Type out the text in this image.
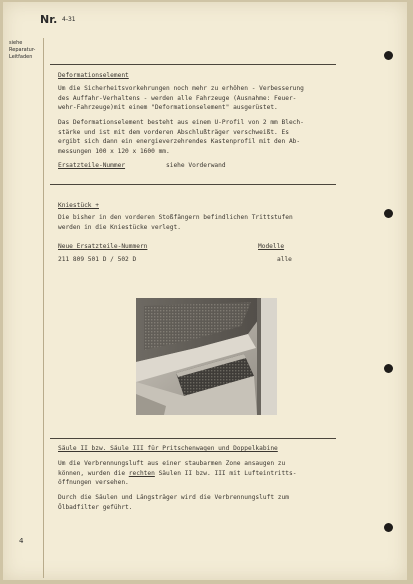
Nr. 4-31
siehe
Reparatur-
Leitfaden
Deformationselement
Um die Sicherheitsvorkehrungen noch mehr zu erhöhen - Verbesserung
des Auffahr-Verhaltens - werden alle Fahrzeuge (Ausnahme: Feuer-
wehr-Fahrzeuge)mit einem "Deformationselement" ausgerüstet.
Das Deformationselement besteht aus einem U-Profil von 2 mm Blech-
stärke und ist mit dem vorderen Abschlußträger verschweißt. Es
ergibt sich dann ein energieverzehrendes Kastenprofil mit den Ab-
messungen 100 x 120 x 1600 mm.
Ersatzteile-Nummer	siehe Vorderwand
Kniestück +
Die bisher in den vorderen Stoßfängern befindlichen Trittstufen
werden in die Kniestücke verlegt.
Neue Ersatzteile-Nummern	Modelle
211 809 501 D / 502 D	alle
Säule II bzw. Säule III für Pritschenwagen und Doppelkabine
Um die Verbrennungsluft aus einer staubarmen Zone ansaugen zu
können, wurden die rechten Säulen II bzw. III mit Lufteintritts-
öffnungen versehen.
Durch die Säulen und Längsträger wird die Verbrennungsluft zum
Ölbadfilter geführt.
4
